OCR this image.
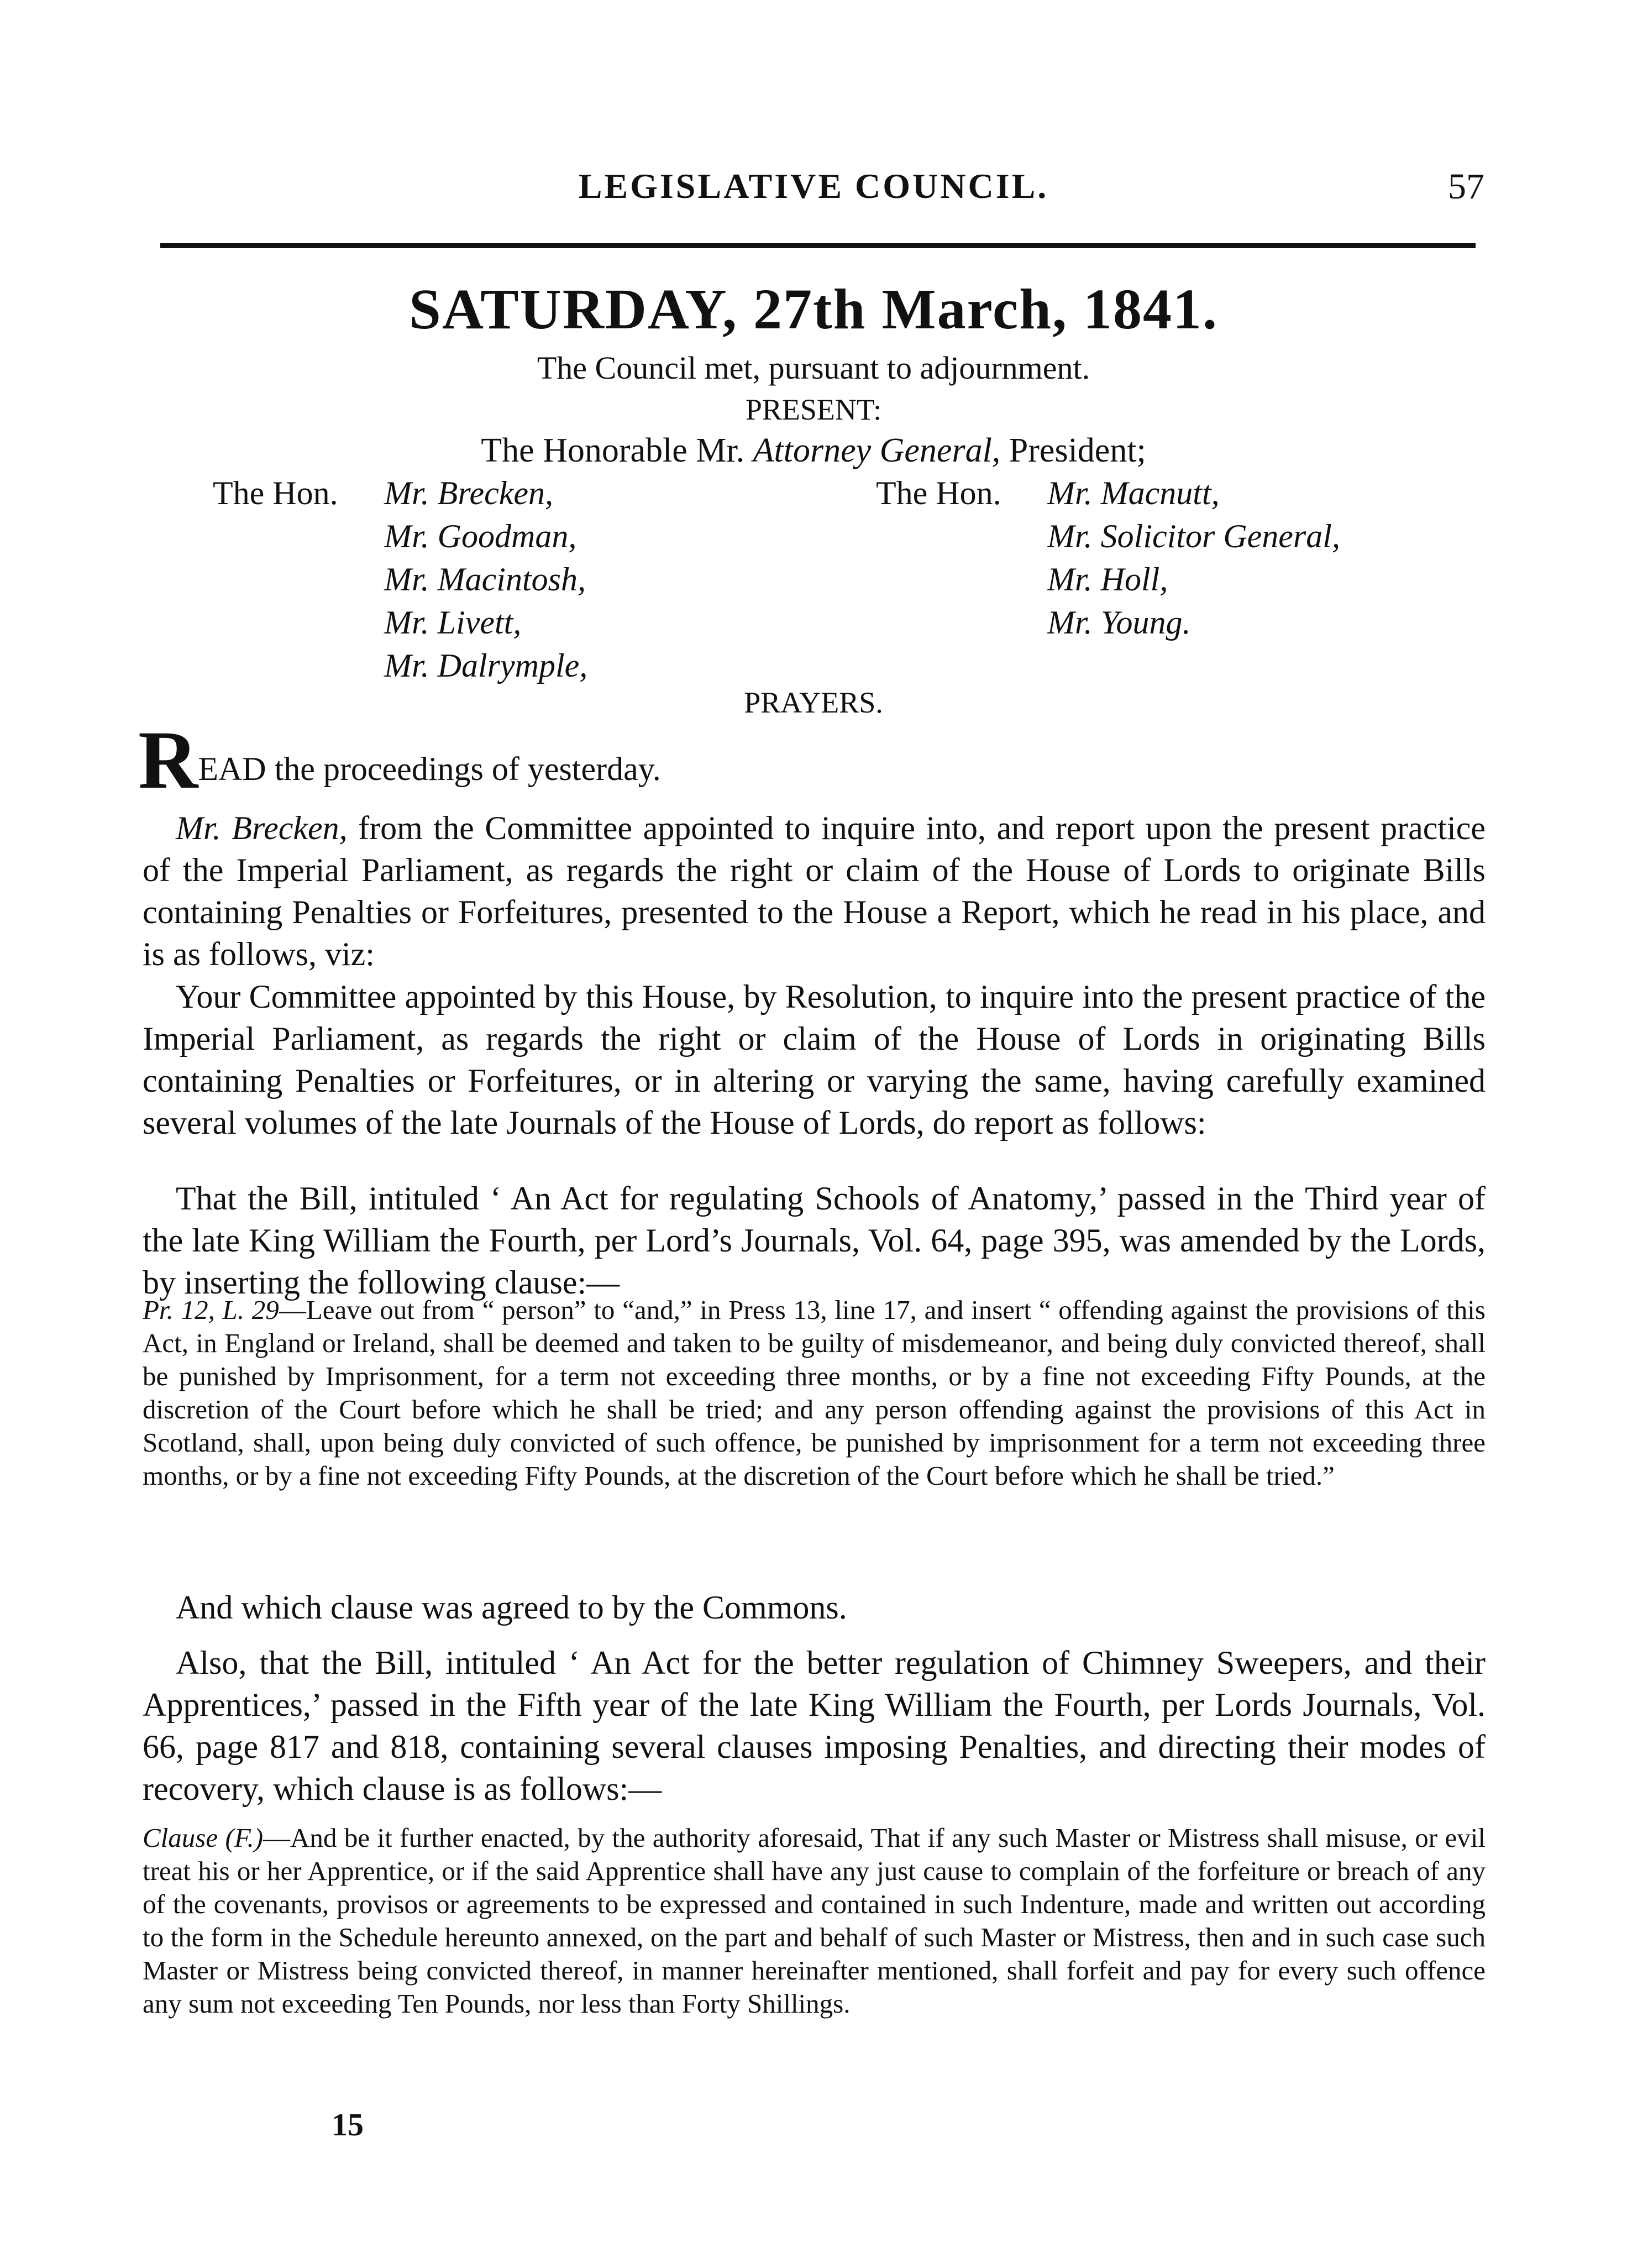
LEGISLATIVE COUNCIL.	57
SATURDAY, 27th March, 1841.
The Council met, pursuant to adjournment.
PRESENT:
The Honorable Mr. Attorney General, President;
The Hon. Mr. Brecken,
Mr. Goodman,
Mr. Macintosh,
Mr. Livett,
Mr. Dalrymple,
The Hon. Mr. Macnutt,
Mr. Solicitor General,
Mr. Holl,
Mr. Young.
PRAYERS.
READ the proceedings of yesterday.
Mr. Brecken, from the Committee appointed to inquire into, and report upon the present practice of the Imperial Parliament, as regards the right or claim of the House of Lords to originate Bills containing Penalties or Forfeitures, presented to the House a Report, which he read in his place, and is as follows, viz:
Your Committee appointed by this House, by Resolution, to inquire into the present practice of the Imperial Parliament, as regards the right or claim of the House of Lords in originating Bills containing Penalties or Forfeitures, or in altering or varying the same, having carefully examined several volumes of the late Journals of the House of Lords, do report as follows:
That the Bill, intituled ‘ An Act for regulating Schools of Anatomy,’ passed in the Third year of the late King William the Fourth, per Lord’s Journals, Vol. 64, page 395, was amended by the Lords, by inserting the following clause:—
Pr. 12, L. 29—Leave out from “ person” to “and,” in Press 13, line 17, and insert “ offending against the provisions of this Act, in England or Ireland, shall be deemed and taken to be guilty of misdemeanor, and being duly convicted thereof, shall be punished by Imprisonment, for a term not exceeding three months, or by a fine not exceeding Fifty Pounds, at the discretion of the Court before which he shall be tried; and any person offending against the provisions of this Act in Scotland, shall, upon being duly convicted of such offence, be punished by imprisonment for a term not exceeding three months, or by a fine not exceeding Fifty Pounds, at the discretion of the Court before which he shall be tried.”
And which clause was agreed to by the Commons.
Also, that the Bill, intituled ‘ An Act for the better regulation of Chimney Sweepers, and their Apprentices,’ passed in the Fifth year of the late King William the Fourth, per Lords Journals, Vol. 66, page 817 and 818, containing several clauses imposing Penalties, and directing their modes of recovery, which clause is as follows:—
Clause (F.)—And be it further enacted, by the authority aforesaid, That if any such Master or Mistress shall misuse, or evil treat his or her Apprentice, or if the said Apprentice shall have any just cause to complain of the forfeiture or breach of any of the covenants, provisos or agreements to be expressed and contained in such Indenture, made and written out according to the form in the Schedule hereunto annexed, on the part and behalf of such Master or Mistress, then and in such case such Master or Mistress being convicted thereof, in manner hereinafter mentioned, shall forfeit and pay for every such offence any sum not exceeding Ten Pounds, nor less than Forty Shillings.
15
